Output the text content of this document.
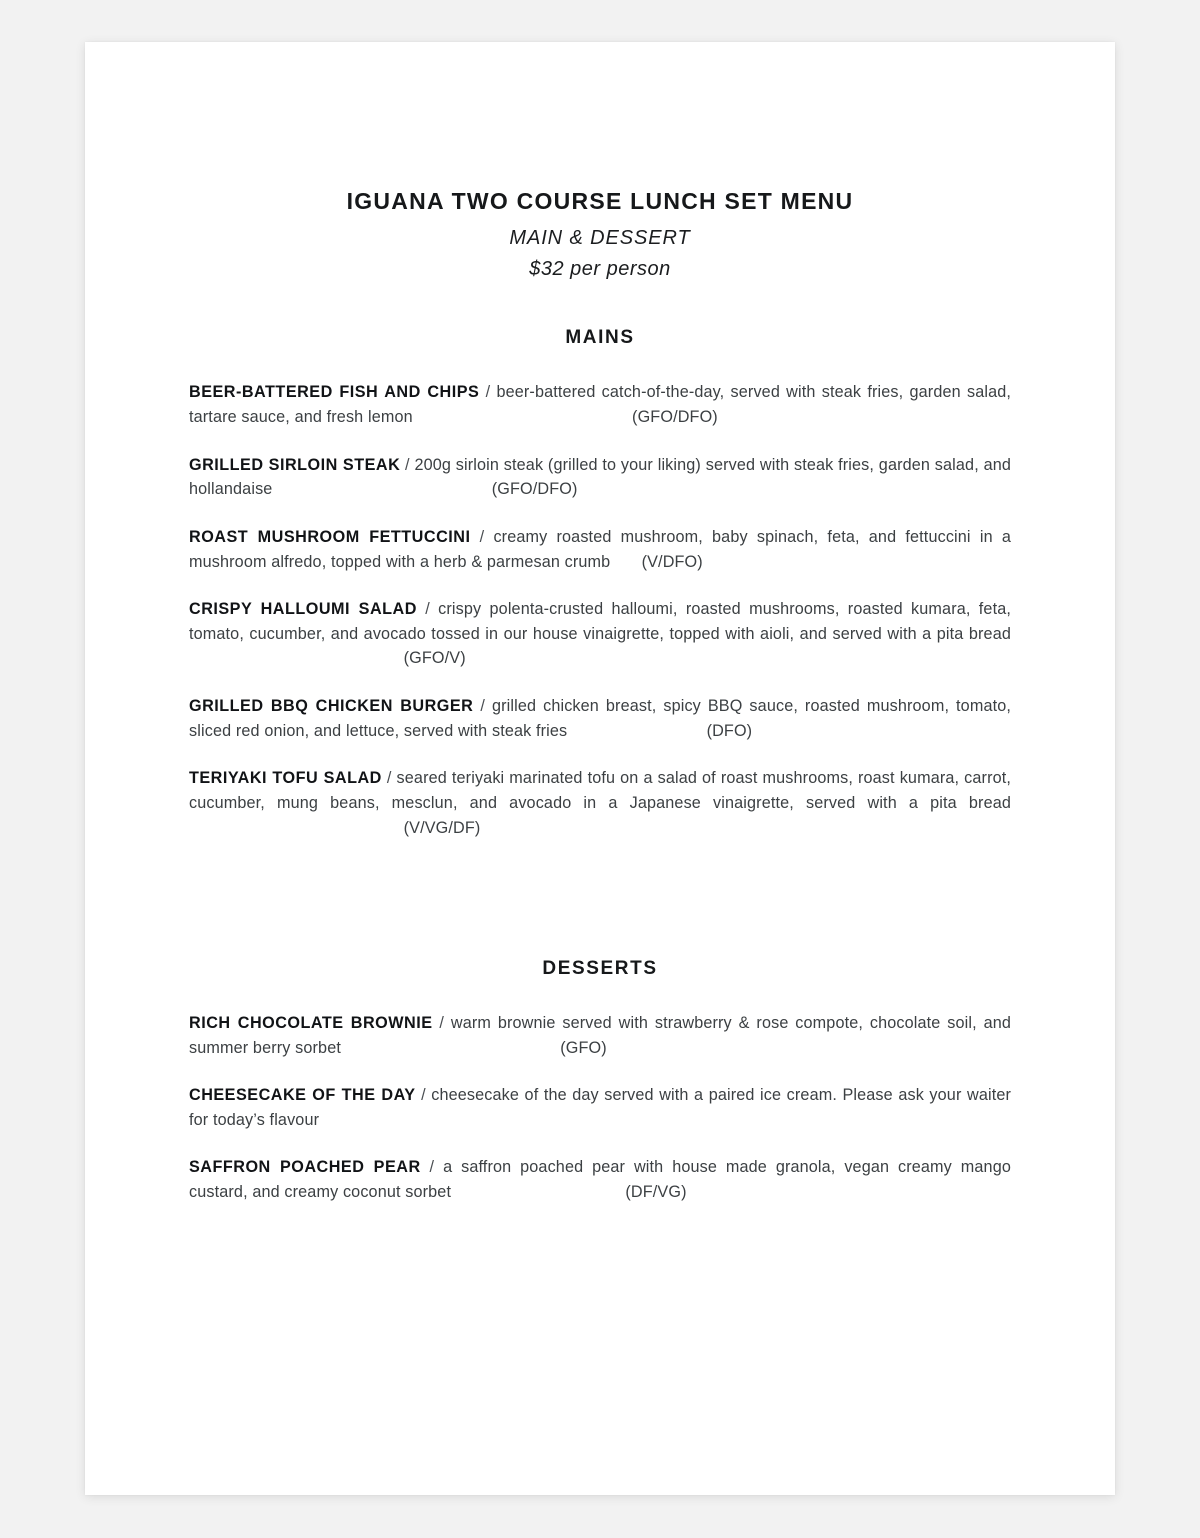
IGUANA TWO COURSE LUNCH SET MENU

MAIN & DESSERT

$32 per person

MAINS

BEER-BATTERED FISH AND CHIPS / beer-battered catch-of-the-day, served with steak fries, garden salad, tartare sauce, and fresh lemon	(GFO/DFO)

GRILLED SIRLOIN STEAK / 200g sirloin steak (grilled to your liking) served with steak fries, garden salad, and hollandaise	(GFO/DFO)

ROAST MUSHROOM FETTUCCINI / creamy roasted mushroom, baby spinach, feta, and fettuccini in a mushroom alfredo, topped with a herb & parmesan crumb (V/DFO)

CRISPY HALLOUMI SALAD / crispy polenta-crusted halloumi, roasted mushrooms, roasted kumara, feta, tomato, cucumber, and avocado tossed in our house vinaigrette, topped with aioli, and served with a pita bread  (GFO/V)

GRILLED BBQ CHICKEN BURGER / grilled chicken breast, spicy BBQ sauce, roasted mushroom, tomato, sliced red onion, and lettuce, served with steak fries	(DFO)

TERIYAKI TOFU SALAD / seared teriyaki marinated tofu on a salad of roast mushrooms, roast kumara, carrot, cucumber, mung beans, mesclun, and avocado in a Japanese vinaigrette, served with a pita bread  (V/VG/DF)

DESSERTS

RICH CHOCOLATE BROWNIE / warm brownie served with strawberry & rose compote, chocolate soil, and summer berry sorbet	(GFO)

CHEESECAKE OF THE DAY / cheesecake of the day served with a paired ice cream. Please ask your waiter for today’s flavour

SAFFRON POACHED PEAR / a saffron poached pear with house made granola, vegan creamy mango custard, and creamy coconut sorbet	(DF/VG)
